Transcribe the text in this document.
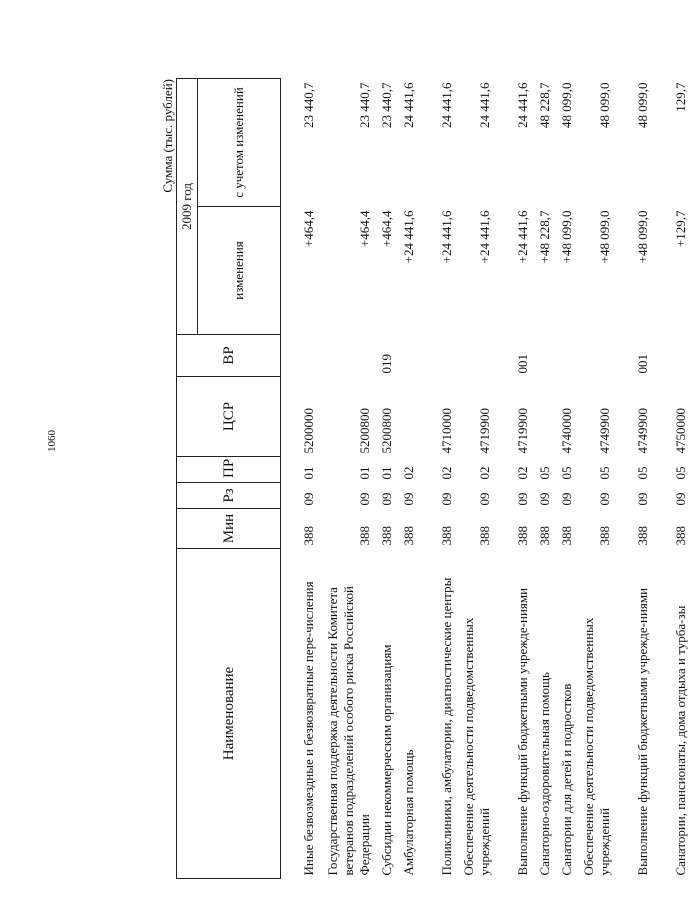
1060
Сумма (тыс. рублей)
Наименование	Мин	Рз	ПР	ЦСР	ВР	2009 год	
						изменения	с учетом изменений
Иные безвозмездные и безвозвратные пере-числения	388	09	01	5200000		+464,4	23 440,7
Государственная поддержка деятельности Комитета ветеранов подразделений особого риска Российской Федерации	388	09	01	5200800		+464,4	23 440,7
Субсидии некоммерческим организациям	388	09	01	5200800	019	+464,4	23 440,7
Амбулаторная помощь	388	09	02			+24 441,6	24 441,6
Поликлиники, амбулатории, диагностические центры	388	09	02	4710000		+24 441,6	24 441,6
Обеспечение деятельности подведомственных учреждений	388	09	02	4719900		+24 441,6	24 441,6
Выполнение функций бюджетными учрежде-ниями	388	09	02	4719900	001	+24 441,6	24 441,6
Санаторно-оздоровительная помощь	388	09	05			+48 228,7	48 228,7
Санатории для детей и подростков	388	09	05	4740000		+48 099,0	48 099,0
Обеспечение деятельности подведомственных учреждений	388	09	05	4749900		+48 099,0	48 099,0
Выполнение функций бюджетными учрежде-ниями	388	09	05	4749900	001	+48 099,0	48 099,0
Санатории, пансионаты, дома отдыха и турба-зы	388	09	05	4750000		+129,7	129,7
